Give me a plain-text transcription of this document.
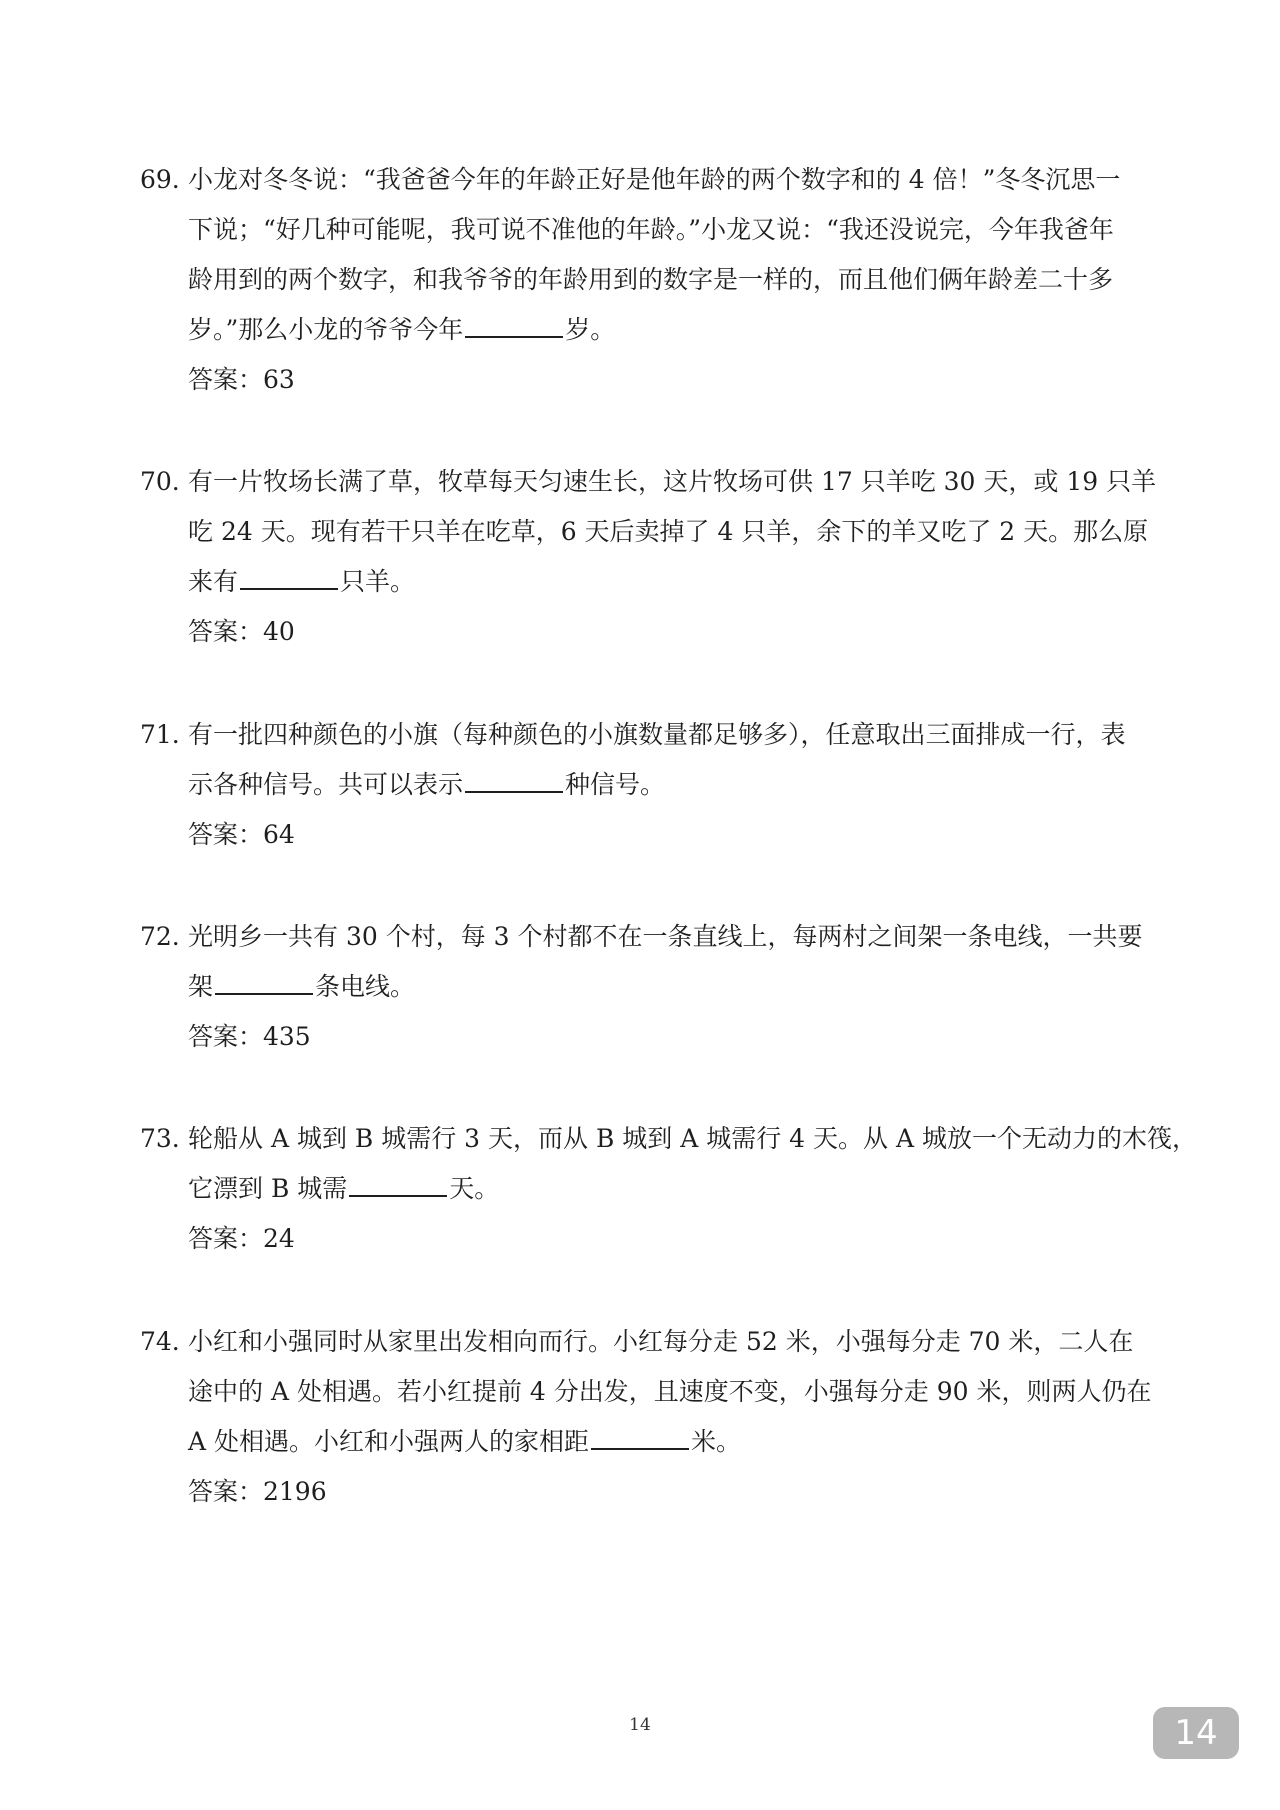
69. 小龙对冬冬说：“我爸爸今年的年龄正好是他年龄的两个数字和的 4 倍！”冬冬沉思一
下说；“好几种可能呢，我可说不准他的年龄。”小龙又说：“我还没说完，今年我爸年
龄用到的两个数字，和我爷爷的年龄用到的数字是一样的，而且他们俩年龄差二十多
岁。”那么小龙的爷爷今年	岁。
答案：63
70. 有一片牧场长满了草，牧草每天匀速生长，这片牧场可供 17 只羊吃 30 天，或 19 只羊
吃 24 天。现有若干只羊在吃草，6 天后卖掉了 4 只羊，余下的羊又吃了 2 天。那么原
来有	只羊。
答案：40
71. 有一批四种颜色的小旗（每种颜色的小旗数量都足够多），任意取出三面排成一行，表
示各种信号。共可以表示	种信号。
答案：64
72. 光明乡一共有 30 个村，每 3 个村都不在一条直线上，每两村之间架一条电线，一共要
架	条电线。
答案：435
73. 轮船从 A 城到 B 城需行 3 天，而从 B 城到 A 城需行 4 天。从 A 城放一个无动力的木筏，
它漂到 B 城需	天。
答案：24
74. 小红和小强同时从家里出发相向而行。小红每分走 52 米，小强每分走 70 米，二人在
途中的 A 处相遇。若小红提前 4 分出发，且速度不变，小强每分走 90 米，则两人仍在
A 处相遇。小红和小强两人的家相距	米。
答案：2196
14	14
